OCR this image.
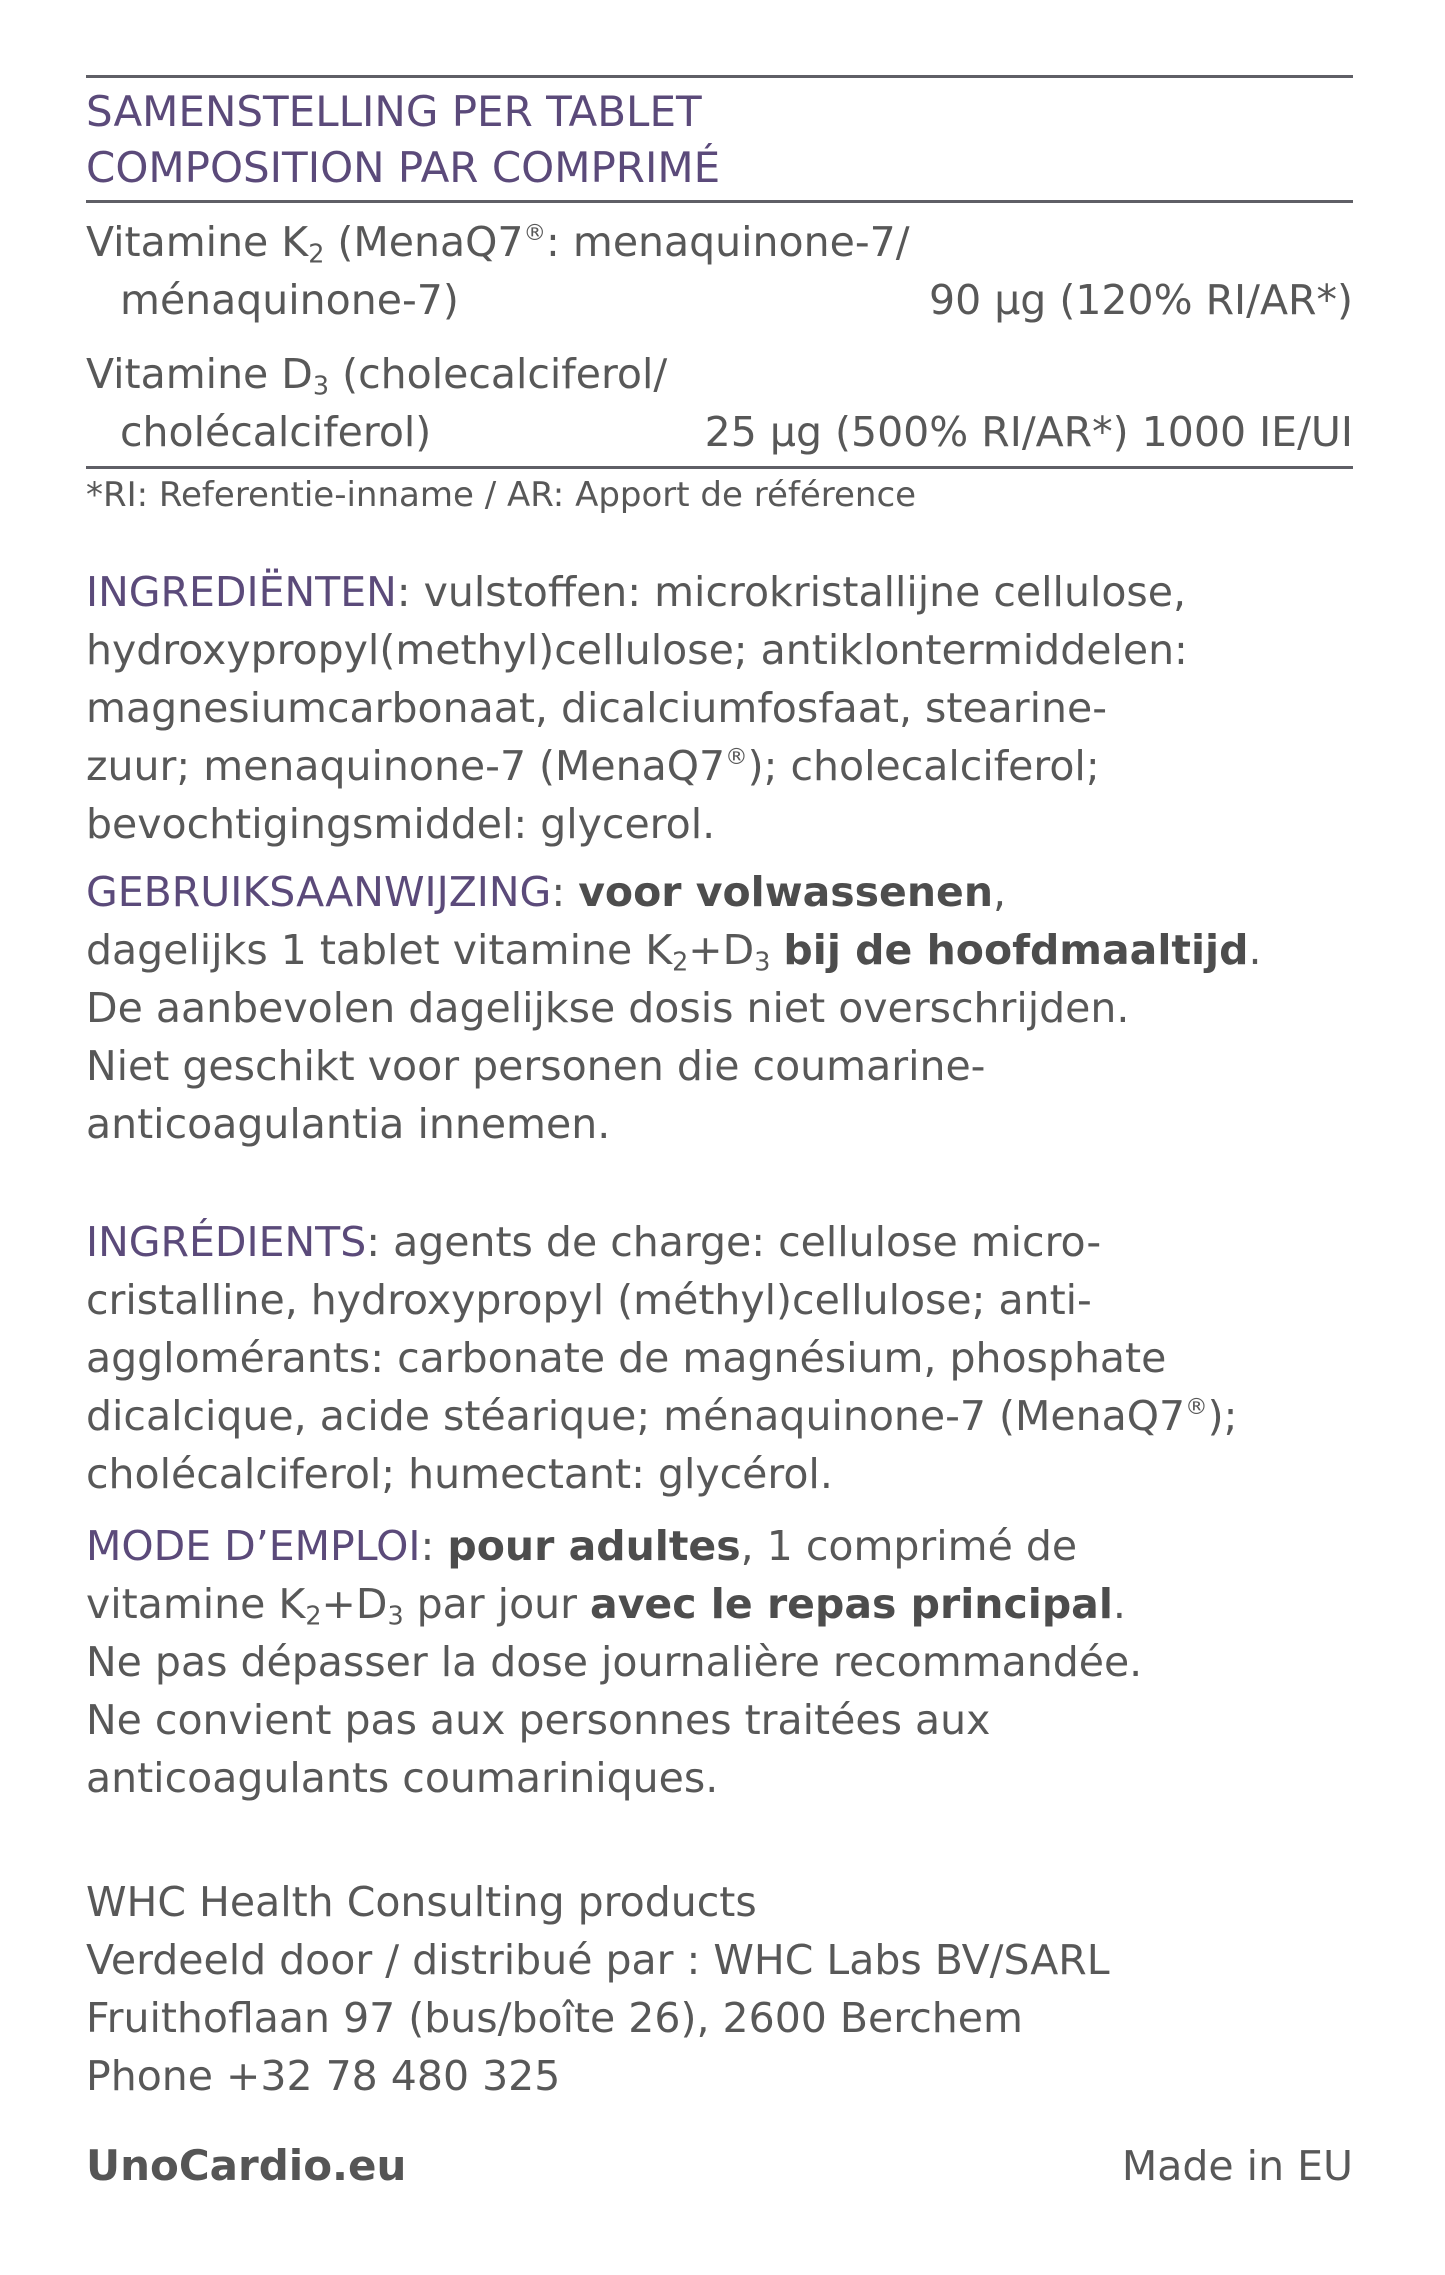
SAMENSTELLING PER TABLET
COMPOSITION PAR COMPRIMÉ
Vitamine $K_2$ (MenaQ7®: menaquinone-7/
ménaquinone-7)	90 µg (120% RI/AR*)
Vitamine $D_3$ (cholecalciferol/
cholécalciferol)	25 µg (500% RI/AR*) 1000 IE/UI
*RI: Referentie-inname / AR: Apport de référence
INGREDIËNTEN: vulstoffen: microkristallijne cellulose,
hydroxypropyl(methyl)cellulose; antiklontermiddelen:
magnesiumcarbonaat, dicalciumfosfaat, stearine-
zuur; menaquinone-7 (MenaQ7®); cholecalciferol;
bevochtigingsmiddel: glycerol.
GEBRUIKSAANWIJZING: voor volwassenen,
dagelijks 1 tablet vitamine $K_2+D_3$ bij de hoofdmaaltijd.
De aanbevolen dagelijkse dosis niet overschrijden.
Niet geschikt voor personen die coumarine-
anticoagulantia innemen.
INGRÉDIENTS: agents de charge: cellulose micro-
cristalline, hydroxypropyl (méthyl)cellulose; anti-
agglomérants: carbonate de magnésium, phosphate
dicalcique, acide stéarique; ménaquinone-7 (MenaQ7®);
cholécalciferol; humectant: glycérol.
MODE D’EMPLOI: pour adultes, 1 comprimé de
vitamine $K_2+D_3$ par jour avec le repas principal.
Ne pas dépasser la dose journalière recommandée.
Ne convient pas aux personnes traitées aux
anticoagulants coumariniques.
WHC Health Consulting products
Verdeeld door / distribué par : WHC Labs BV/SARL
Fruithoflaan 97 (bus/boîte 26), 2600 Berchem
Phone +32 78 480 325
UnoCardio.eu	Made in EU
